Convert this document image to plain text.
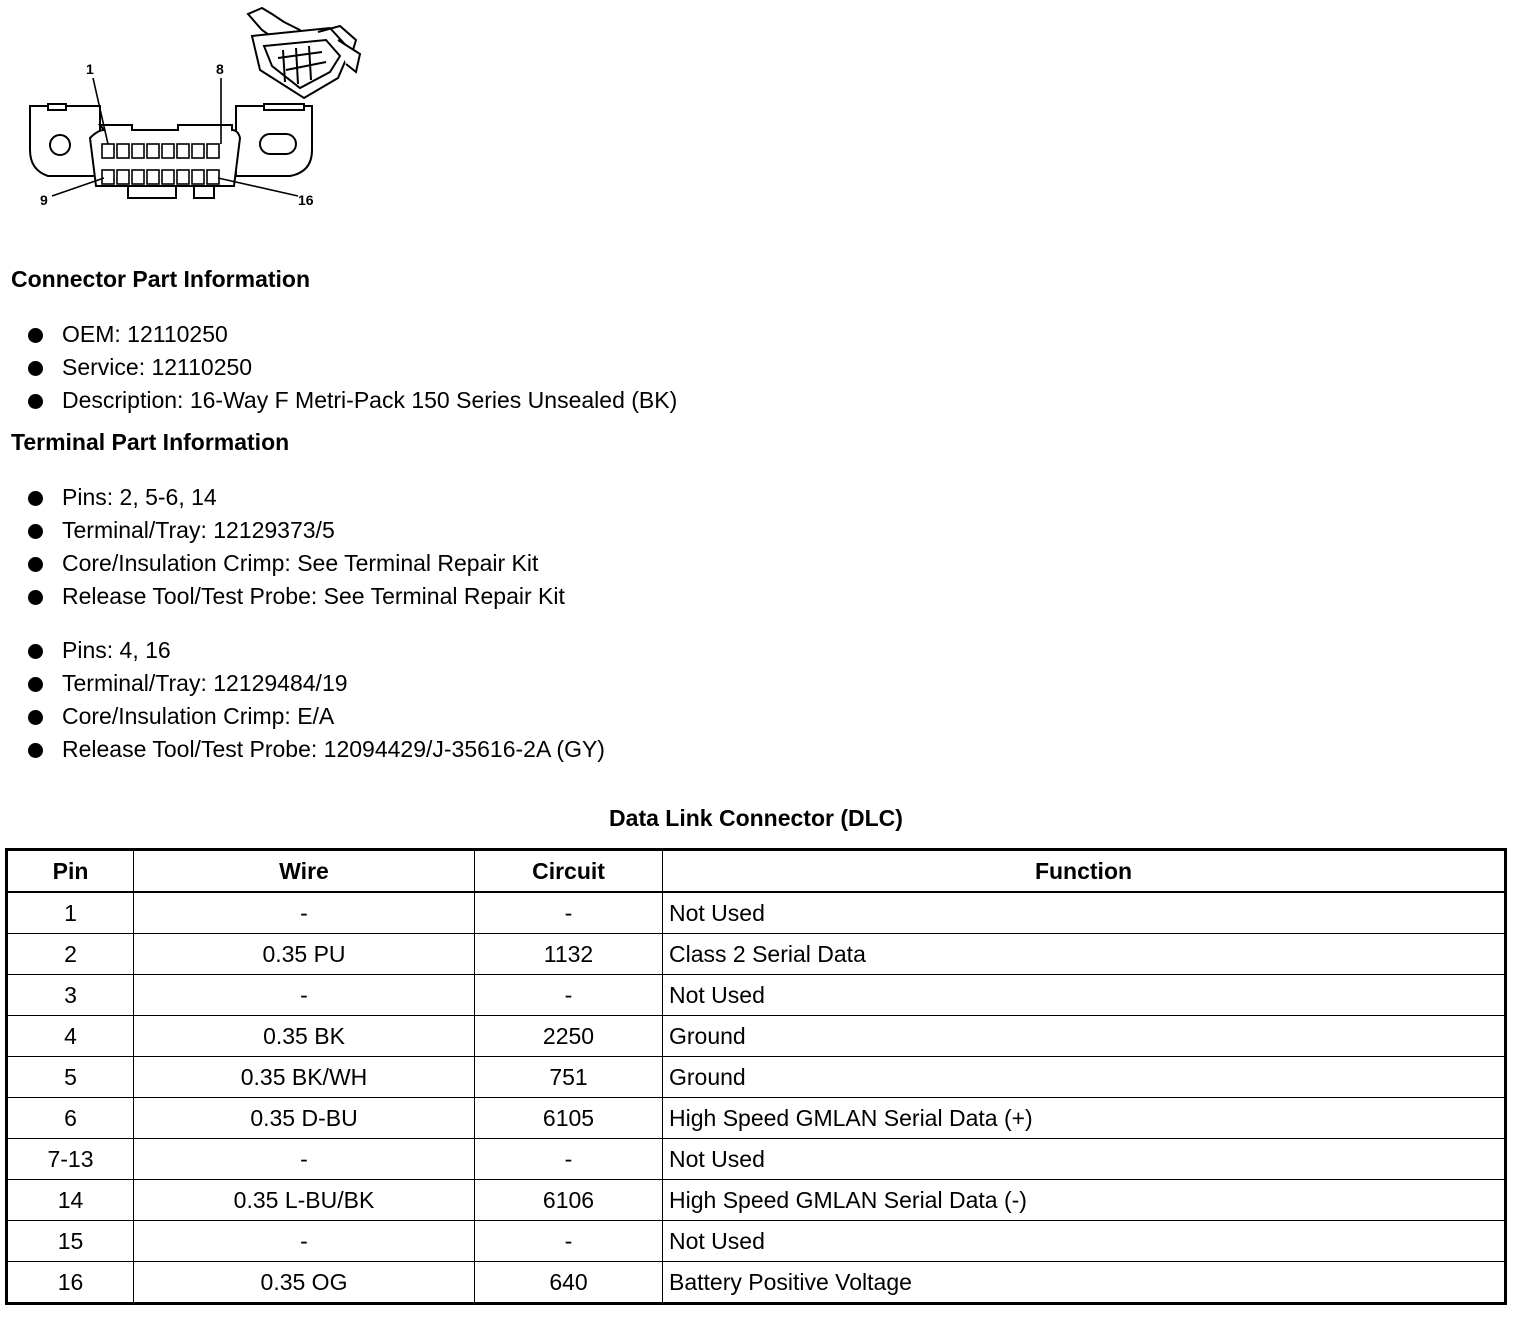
1	8
9	16
Connector Part Information
OEM: 12110250
Service: 12110250
Description: 16-Way F Metri-Pack 150 Series Unsealed (BK)
Terminal Part Information
Pins: 2, 5-6, 14
Terminal/Tray: 12129373/5
Core/Insulation Crimp: See Terminal Repair Kit
Release Tool/Test Probe: See Terminal Repair Kit
Pins: 4, 16
Terminal/Tray: 12129484/19
Core/Insulation Crimp: E/A
Release Tool/Test Probe: 12094429/J-35616-2A (GY)
Data Link Connector (DLC)
Pin	Wire	Circuit	Function
1	-	-	Not Used
2	0.35 PU	1132	Class 2 Serial Data
3	-	-	Not Used
4	0.35 BK	2250	Ground
5	0.35 BK/WH	751	Ground
6	0.35 D-BU	6105	High Speed GMLAN Serial Data (+)
7-13	-	-	Not Used
14	0.35 L-BU/BK	6106	High Speed GMLAN Serial Data (-)
15	-	-	Not Used
16	0.35 OG	640	Battery Positive Voltage
